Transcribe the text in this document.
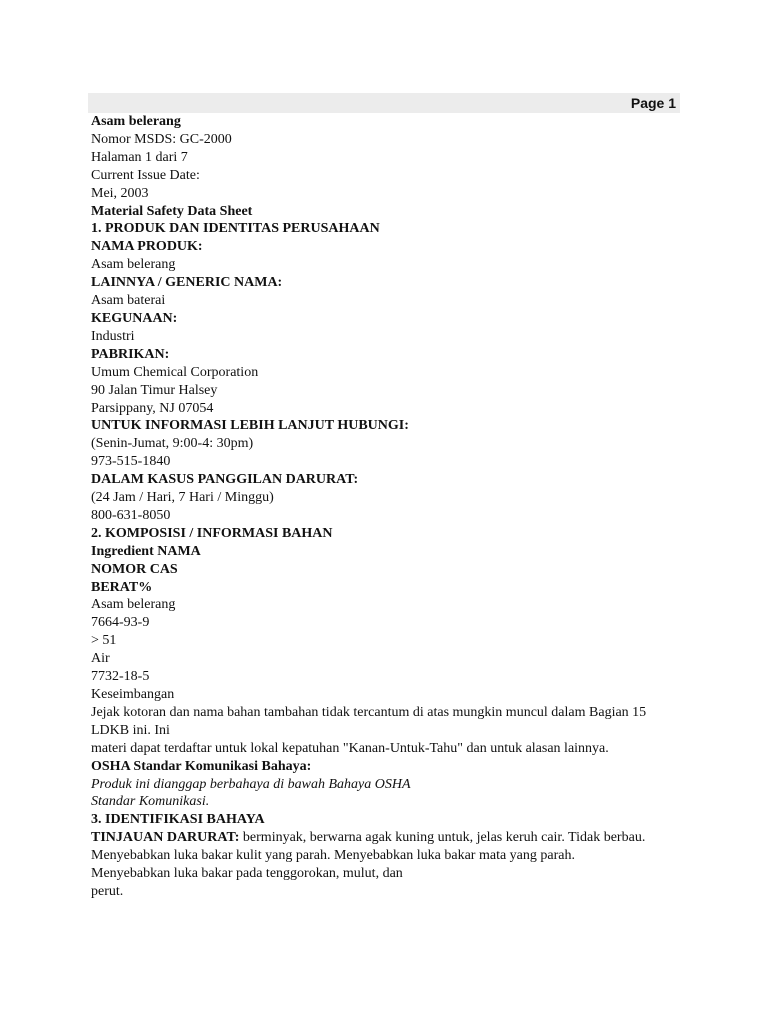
Page 1
Asam belerang
Nomor MSDS: GC-2000
Halaman 1 dari 7
Current Issue Date:
Mei, 2003
Material Safety Data Sheet
1. PRODUK DAN IDENTITAS PERUSAHAAN
NAMA PRODUK:
Asam belerang
LAINNYA / GENERIC NAMA:
Asam baterai
KEGUNAAN:
Industri
PABRIKAN:
Umum Chemical Corporation
90 Jalan Timur Halsey
Parsippany, NJ 07054
UNTUK INFORMASI LEBIH LANJUT HUBUNGI:
(Senin-Jumat, 9:00-4: 30pm)
973-515-1840
DALAM KASUS PANGGILAN DARURAT:
(24 Jam / Hari, 7 Hari / Minggu)
800-631-8050
2. KOMPOSISI / INFORMASI BAHAN
Ingredient NAMA
NOMOR CAS
BERAT%
Asam belerang
7664-93-9
> 51
Air
7732-18-5
Keseimbangan
Jejak kotoran dan nama bahan tambahan tidak tercantum di atas mungkin muncul dalam Bagian 15 LDKB ini. Ini
materi dapat terdaftar untuk lokal kepatuhan "Kanan-Untuk-Tahu" dan untuk alasan lainnya.
OSHA Standar Komunikasi Bahaya:
Produk ini dianggap berbahaya di bawah Bahaya OSHA
Standar Komunikasi.
3. IDENTIFIKASI BAHAYA
TINJAUAN DARURAT: berminyak, berwarna agak kuning untuk, jelas keruh cair. Tidak berbau.
Menyebabkan luka bakar kulit yang parah. Menyebabkan luka bakar mata yang parah.
Menyebabkan luka bakar pada tenggorokan, mulut, dan
perut.
